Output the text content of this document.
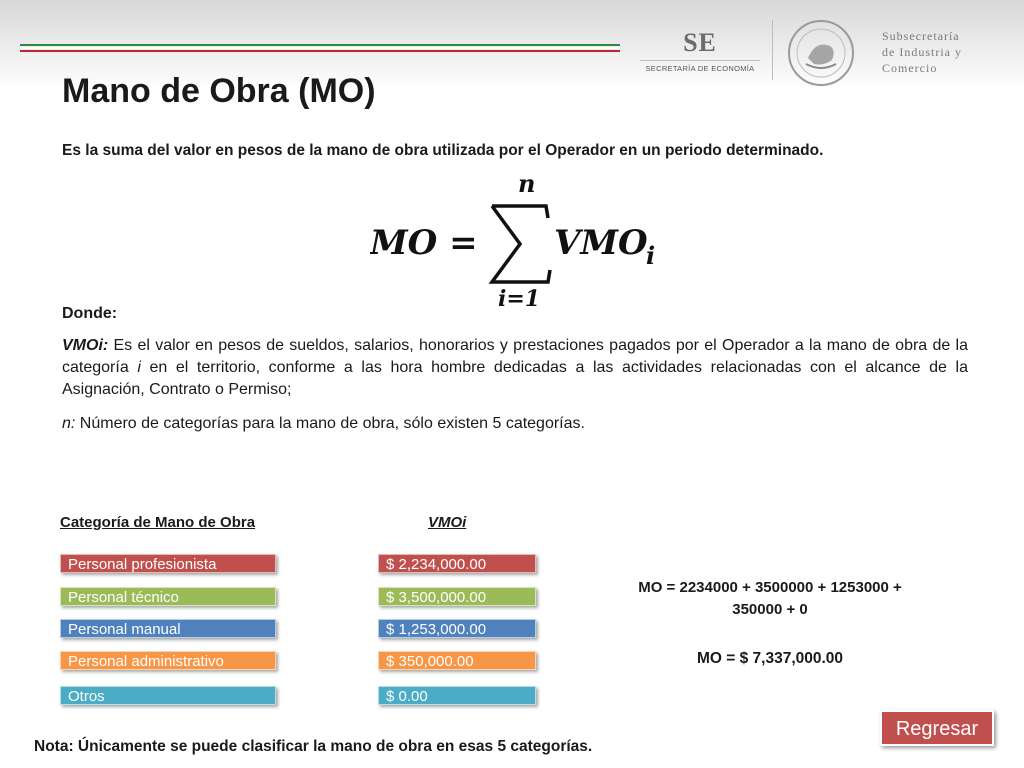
SE
SECRETARÍA DE ECONOMÍA
Subsecretaría
de Industria y
Comercio
Mano de Obra (MO)
Es la suma del valor en pesos de la mano de obra utilizada por el Operador en un periodo determinado.
MO =
n
i=1
VMO
i
Donde:
VMOi: Es el valor en pesos de sueldos, salarios, honorarios y prestaciones pagados por el Operador a la mano de obra de la categoría i en el territorio, conforme a las hora hombre dedicadas a las actividades relacionadas con el alcance de la Asignación, Contrato o Permiso;
n: Número de categorías para la mano de obra, sólo existen 5 categorías.
Categoría de Mano de Obra	VMOi
Personal profesionista	$ 2,234,000.00
Personal técnico	$ 3,500,000.00
Personal manual	$ 1,253,000.00
Personal administrativo	$ 350,000.00
Otros	$ 0.00
MO = 2234000 + 3500000 + 1253000 +
350000 + 0
MO = $ 7,337,000.00
Regresar
Nota: Únicamente se puede clasificar la mano de obra en esas 5 categorías.
